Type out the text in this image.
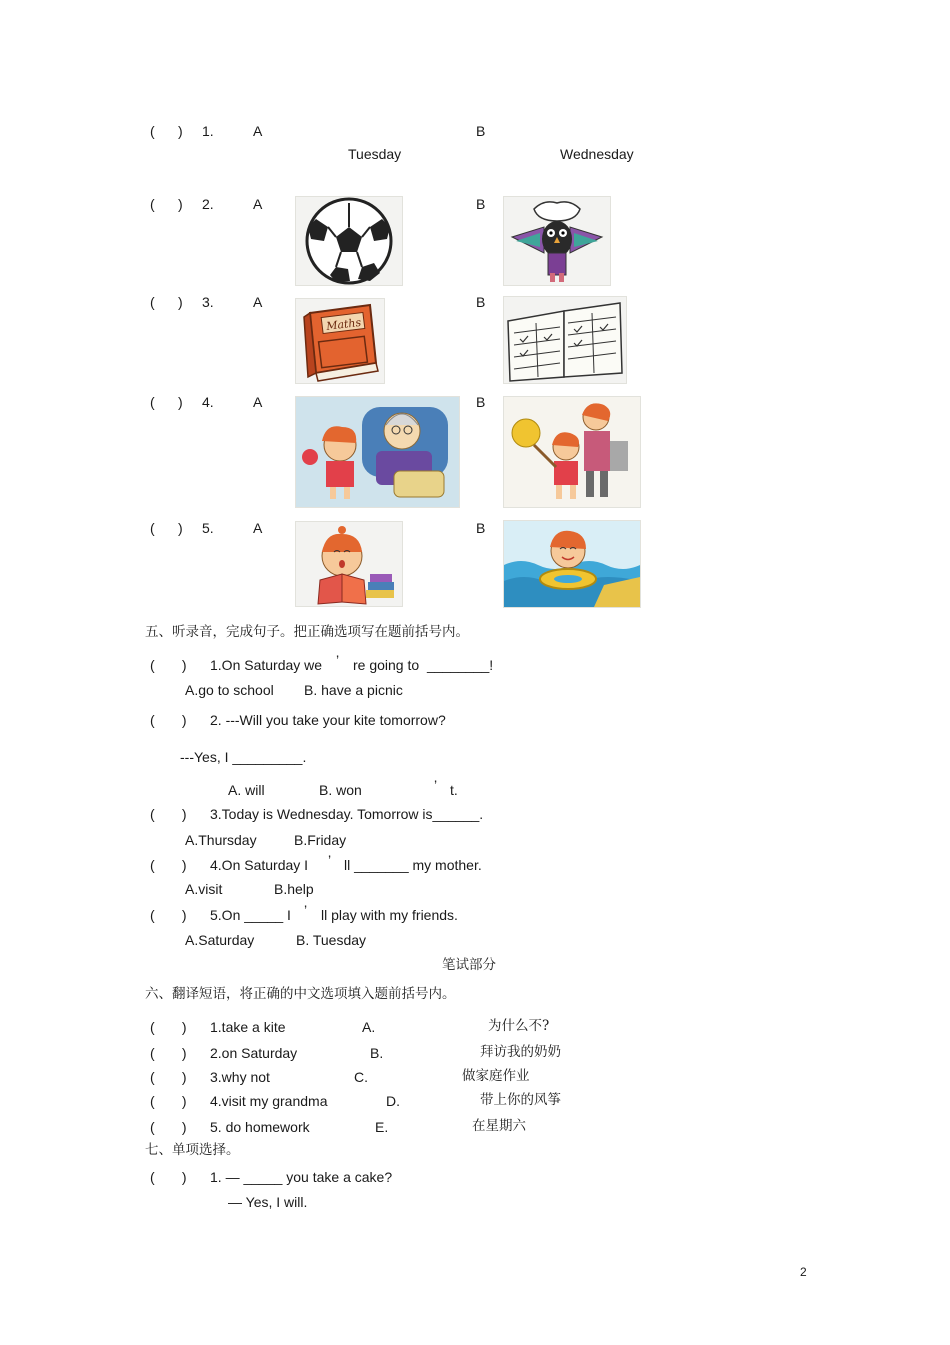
(      ) 1.	A	B
Tuesday	Wednesday
(      ) 2.	A	B
(      ) 3.	A	B
Maths
(      ) 4.	A	B
(      ) 5.	A	B
五、听录音，完成句子。把正确选项写在题前括号内。
(       ) 1.On Saturday we ’ re going to  ________!
A.go to school B. have a picnic
(       ) 2. ---Will you take your kite tomorrow?
---Yes, I _________.
A. will	B. won	’ t.
(       ) 3.Today is Wednesday. Tomorrow is______.
A.Thursday	B.Friday
(       ) 4.On Saturday I ’ ll _______ my mother.
A.visit	B.help
(       ) 5.On _____ I ’ ll play with my friends.
A.Saturday	B. Tuesday
笔试部分
六、翻译短语，将正确的中文选项填入题前括号内。
(       ) 1.take a kite	A.	为什么不?
(       ) 2.on Saturday	B.	拜访我的奶奶
(       ) 3.why not	C.	做家庭作业
(       ) 4.visit my grandma	D.	带上你的风筝
(       ) 5. do homework	E.	在星期六
七、单项选择。
(       ) 1. — _____ you take a cake?
— Yes, I will.
2
